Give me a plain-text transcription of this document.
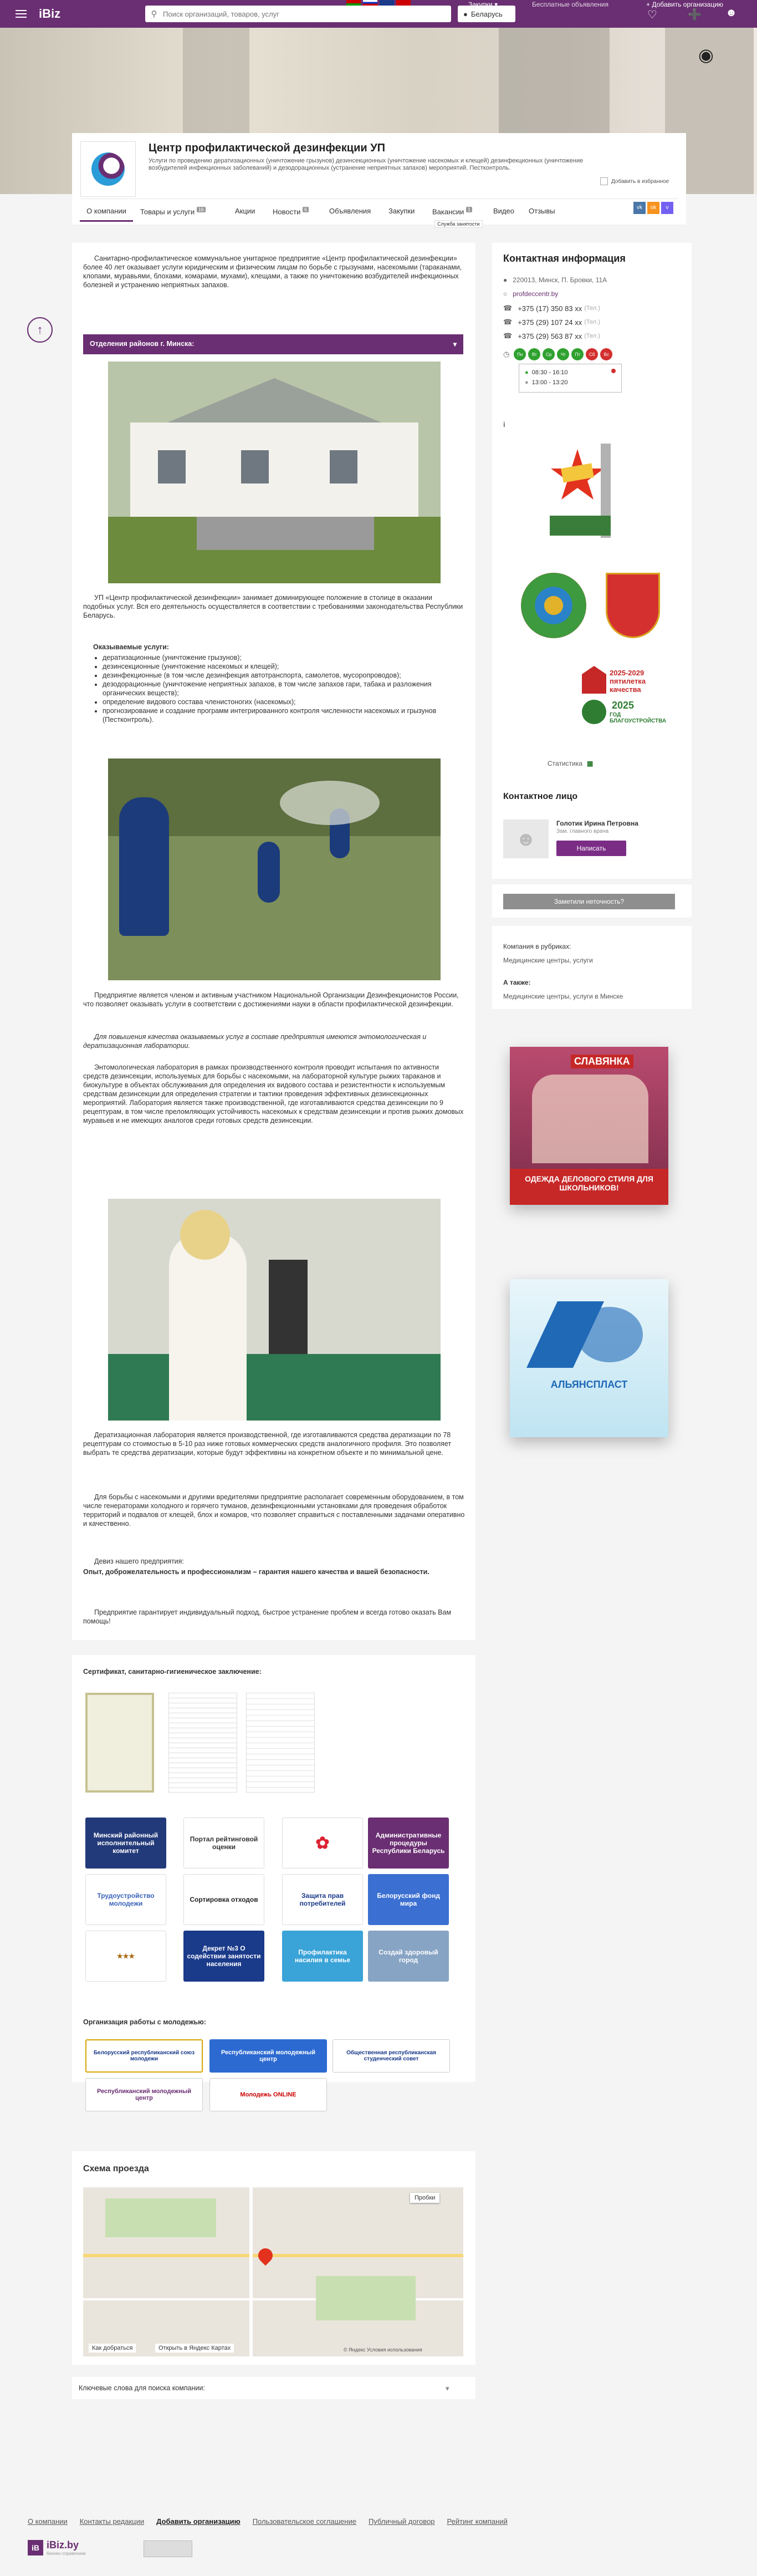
iBiz	⚲
Поиск организаций, товаров, услуг	● Беларусь
Закупки ▾	Бесплатные объявления	+ Добавить организацию
♡	➕ ☻
◉
Центр профилактической дезинфекции УП
Услуги по проведению дератизационных (уничтожение грызунов) дезинсекционных (уничтожение насекомых и клещей) дезинфекционных (уничтожение возбудителей инфекционных заболеваний) и дезодорационных (устранение неприятных запахов) мероприятий. Пестконтроль.
Добавить в избранное
О компании	Товары и услуги $^{16}$	Акции Новости $^6$	Объявления Закупки Вакансии $^1$
Служба занятости
Видео Отзывы	vk	ok	v
↑
Санитарно-профилактическое коммунальное унитарное предприятие «Центр профилактической дезинфекции» более 40 лет оказывает услуги юридическим и физическим лицам по борьбе с грызунами, насекомыми (тараканами, клопами, муравьями, блохами, комарами, мухами), клещами, а также по уничтожению возбудителей инфекционных болезней и устранению неприятных запахов.
Отделения районов г. Минска:	▾
УП «Центр профилактической дезинфекции» занимает доминирующее положение в столице в оказании подобных услуг. Вся его деятельность осуществляется в соответствии с требованиями законодательства Республики Беларусь.
Оказываемые услуги:
• дератизационные (уничтожение грызунов);
• дезинсекционные (уничтожение насекомых и клещей);
• дезинфекционные (в том числе дезинфекция автотранспорта, самолетов, мусоропроводов);
• дезодорационные (уничтожение неприятных запахов, в том числе запахов гари, табака и разложения органических веществ);
• определение видового состава членистоногих (насекомых);
• прогнозирование и создание программ интегрированного контроля численности насекомых и грызунов (Пестконтроль).
Предприятие является членом и активным участником Национальной Организации Дезинфекционистов России, что позволяет оказывать услуги в соответствии с достижениями науки в области профилактической дезинфекции.
Для повышения качества оказываемых услуг в составе предприятия имеются энтомологическая и дератизационная лаборатории.
Энтомологическая лаборатория в рамках производственного контроля проводит испытания по активности средств дезинсекции, используемых для борьбы с насекомыми, на лабораторной культуре рыжих тараканов и биокультуре в объектах обслуживания для определения их видового состава и резистентности к используемым средствам дезинсекции для определения стратегии и тактики проведения эффективных дезинсекционных мероприятий. Лаборатория является также производственной, где изготавливаются средства дезинсекции по 9 рецептурам, в том числе преломляющих устойчивость насекомых к средствам дезинсекции и против рыжих домовых муравьев и не имеющих аналогов среди готовых средств дезинсекции.
Дератизационная лаборатория является производственной, где изготавливаются средства дератизации по 78 рецептурам со стоимостью в 5-10 раз ниже готовых коммерческих средств аналогичного профиля. Это позволяет выбрать те средства дератизации, которые будут эффективны на конкретном объекте и по минимальной цене.
Для борьбы с насекомыми и другими вредителями предприятие располагает современным оборудованием, в том числе генераторами холодного и горячего туманов, дезинфекционными установками для проведения обработок территорий и подвалов от клещей, блох и комаров, что позволяет справиться с поставленными задачами оперативно и качественно.
Девиз нашего предприятия:
Опыт, доброжелательность и профессионализм – гарантия нашего качества и вашей безопасности.
Предприятие гарантирует индивидуальный подход, быстрое устранение проблем и всегда готово оказать Вам помощь!
Сертификат, санитарно-гигиеническое заключение:
Минский районный исполнительный комитет
Портал рейтинговой оценки	✿	Административные процедуры Республики Беларусь
Трудоустройство молодежи	Сортировка отходов	Защита прав потребителей
Белорусский фонд мира
★★★
Декрет №3 О содействии занятости населения
Профилактика насилия в семье
Создай здоровый город
Организация работы с молодежью:
Белорусский республиканский союз молодежи
Республиканский молодежный центр
Общественная республиканская студенческий совет
Республиканский молодежный центр	Молодежь ONLINE
Схема проезда
Пробки
Как добраться	Открыть в Яндекс Картах	© Яндекс Условия использования
Ключевые слова для поиска компании:	▾
Контактная информация
● 220013, Минск, П. Бровки, 11А
○ profdeccentr.by
☎ +375 (17) 350 83 хх (Тел.)
☎ +375 (29) 107 24 хх (Тел.)
☎ +375 (29) 563 87 хх (Тел.)
◷	Пн	Вт	Ср	Чт	Пт	Сб	Вс
● 08:30 - 16:10
● 13:00 - 13:20
i
2025-2029 пятилетка качества
2025
ГОД БЛАГОУСТРОЙСТВА
Статистика ▦
Контактное лицо
☻
Голотик Ирина Петровна
Зам. главного врача
Написать
Заметили неточность?
Компания в рубриках:
Медицинские центры, услуги
А также:
Медицинские центры, услуги в Минске
СЛАВЯНКА
ОДЕЖДА ДЕЛОВОГО СТИЛЯ ДЛЯ ШКОЛЬНИКОВ!
АЛЬЯНСПЛАСТ
О компании Контакты редакции Добавить организацию Пользовательское соглашение Публичный договор Рейтинг компаний
iB iBiz.by
бизнес-справочник
